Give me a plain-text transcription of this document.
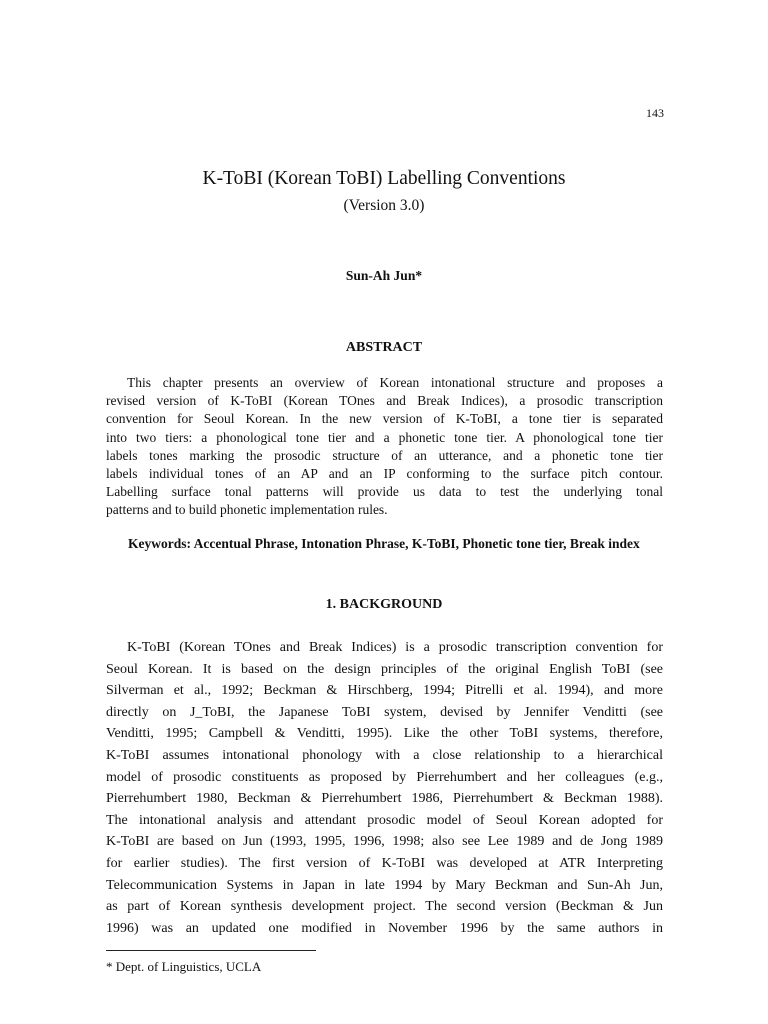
143
K-ToBI (Korean ToBI) Labelling Conventions
(Version 3.0)
Sun-Ah Jun*
ABSTRACT
This chapter presents an overview of Korean intonational structure and proposes a
revised version of K-ToBI (Korean TOnes and Break Indices), a prosodic transcription
convention for Seoul Korean. In the new version of K-ToBI, a tone tier is separated
into two tiers: a phonological tone tier and a phonetic tone tier. A phonological tone tier
labels tones marking the prosodic structure of an utterance, and a phonetic tone tier
labels individual tones of an AP and an IP conforming to the surface pitch contour.
Labelling surface tonal patterns will provide us data to test the underlying tonal
patterns and to build phonetic implementation rules.
Keywords: Accentual Phrase, Intonation Phrase, K-ToBI, Phonetic tone tier, Break index
1. BACKGROUND
K-ToBI (Korean TOnes and Break Indices) is a prosodic transcription convention for
Seoul Korean. It is based on the design principles of the original English ToBI (see
Silverman et al., 1992; Beckman & Hirschberg, 1994; Pitrelli et al. 1994), and more
directly on J_ToBI, the Japanese ToBI system, devised by Jennifer Venditti (see
Venditti, 1995; Campbell & Venditti, 1995). Like the other ToBI systems, therefore,
K-ToBI assumes intonational phonology with a close relationship to a hierarchical
model of prosodic constituents as proposed by Pierrehumbert and her colleagues (e.g.,
Pierrehumbert 1980, Beckman & Pierrehumbert 1986, Pierrehumbert & Beckman 1988).
The intonational analysis and attendant prosodic model of Seoul Korean adopted for
K-ToBI are based on Jun (1993, 1995, 1996, 1998; also see Lee 1989 and de Jong 1989
for earlier studies). The first version of K-ToBI was developed at ATR Interpreting
Telecommunication Systems in Japan in late 1994 by Mary Beckman and Sun-Ah Jun,
as part of Korean synthesis development project. The second version (Beckman & Jun
1996) was an updated one modified in November 1996 by the same authors in
* Dept. of Linguistics, UCLA
